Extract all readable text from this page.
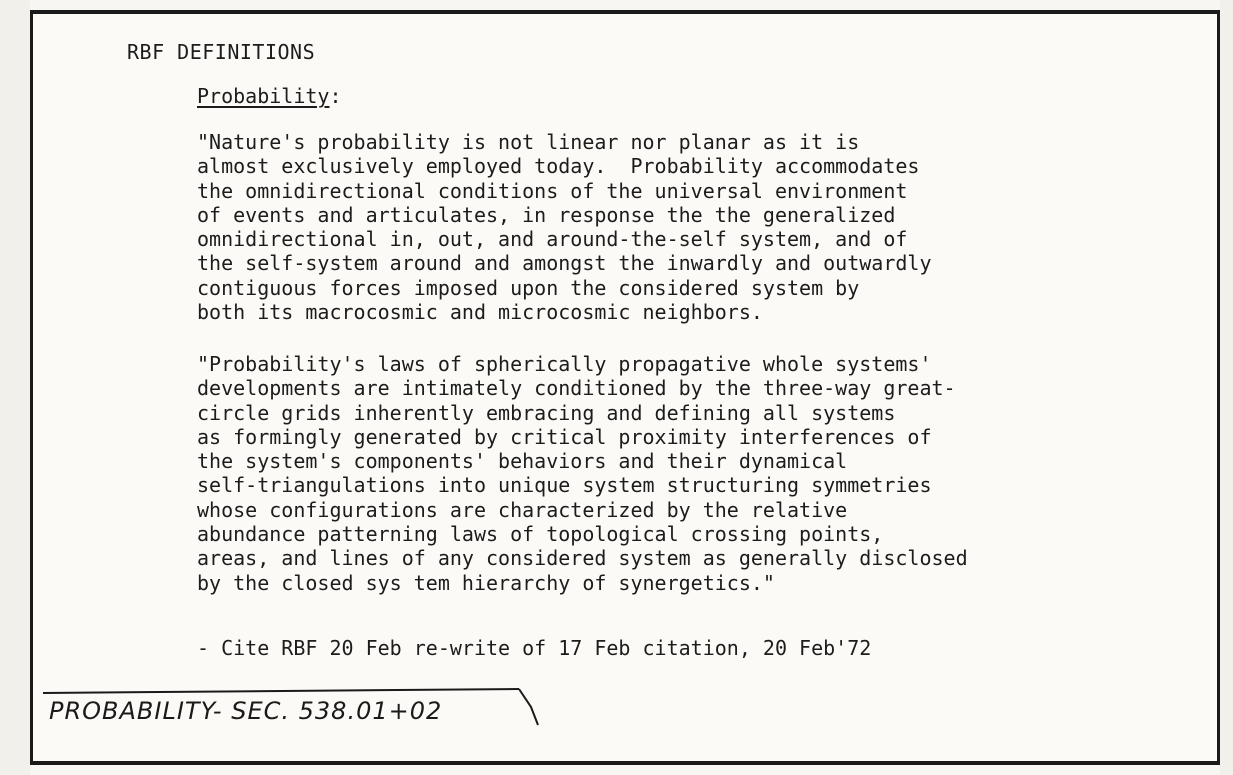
RBF DEFINITIONS
Probability:
"Nature's probability is not linear nor planar as it is
almost exclusively employed today.  Probability accommodates
the omnidirectional conditions of the universal environment
of events and articulates, in response the the generalized
omnidirectional in, out, and around-the-self system, and of
the self-system around and amongst the inwardly and outwardly
contiguous forces imposed upon the considered system by
both its macrocosmic and microcosmic neighbors.
"Probability's laws of spherically propagative whole systems'
developments are intimately conditioned by the three-way great-
circle grids inherently embracing and defining all systems
as formingly generated by critical proximity interferences of
the system's components' behaviors and their dynamical
self-triangulations into unique system structuring symmetries
whose configurations are characterized by the relative
abundance patterning laws of topological crossing points,
areas, and lines of any considered system as generally disclosed
by the closed sys tem hierarchy of synergetics."
- Cite RBF 20 Feb re-write of 17 Feb citation, 20 Feb'72
PROBABILITY- SEC. 538.01+02
